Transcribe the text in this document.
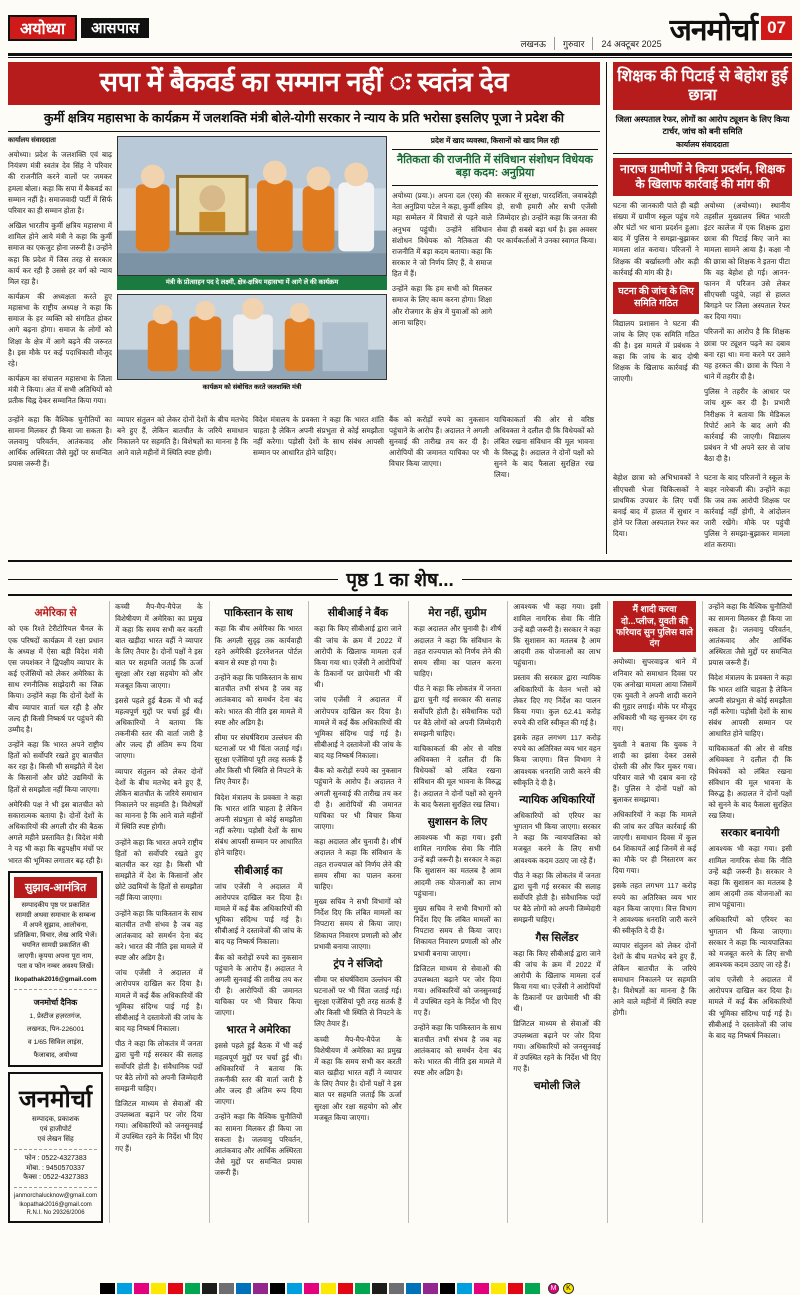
अयोध्या	आसपास
लखनऊ	गुरुवार	24 अक्टूबर 2025 जनमोर्चा 07
सपा में बैकवर्ड का सम्मान नहीं ः स्वतंत्र देव
कुर्मी क्षत्रिय महासभा के कार्यक्रम में जलशक्ति मंत्री बोले-योगी सरकार ने न्याय के प्रति भरोसा इसलिए पूजा ने प्रदेश की
कार्यालय संवाददाता

अयोध्या। प्रदेश के जलशक्ति एवं बाढ़ नियंत्रण मंत्री स्वतंत्र देव सिंह ने परिवार की राजनीति करने वालों पर जमकर हमला बोला। कहा कि सपा में बैकवर्ड का सम्मान नहीं है। समाजवादी पार्टी में सिर्फ परिवार का ही सम्मान होता है।

अखिल भारतीय कुर्मी क्षत्रिय महासभा में शामिल होने आये मंत्री ने कहा कि कुर्मी समाज का एकजुट होना जरूरी है। उन्होंने कहा कि प्रदेश में जिस तरह से सरकार कार्य कर रही है उससे हर वर्ग को न्याय मिल रहा है।

कार्यक्रम की अध्यक्षता करते हुए महासभा के राष्ट्रीय अध्यक्ष ने कहा कि समाज के हर व्यक्ति को संगठित होकर आगे बढ़ना होगा। समाज के लोगों को शिक्षा के क्षेत्र में आगे बढ़ने की जरूरत है। इस मौके पर कई पदाधिकारी मौजूद रहे।

कार्यक्रम का संचालन महासभा के जिला मंत्री ने किया। अंत में सभी अतिथियों को प्रतीक चिह्न देकर सम्मानित किया गया।

मंत्री के प्रोत्साहन पद दे लक्ष्मी, क्षेत्र-क्षत्रिय महासभा में आगे ले की कार्यक्रम
कार्यक्रम को संबोधित करते जलशक्ति मंत्री
प्रदेश में खाद व्यवस्था, किसानों को खाद मिल रही
नैतिकता की राजनीति में संविधान संशोधन विधेयक बड़ा कदम: अनुप्रिया

अयोध्या (प्रया.)। अपना दल (एस) की नेता अनुप्रिया पटेल ने कहा, कुर्मी क्षत्रिय महा सम्मेलन में विचारों से पड़ने वाले अनुभव पहुंची। उन्होंने संविधान संशोधन विधेयक को नैतिकता की राजनीति में बड़ा कदम बताया। कहा कि सरकार ने जो निर्णय लिए हैं, वे समाज हित में हैं।

उन्होंने कहा कि हम सभी को मिलकर समाज के लिए काम करना होगा। शिक्षा और रोजगार के क्षेत्र में युवाओं को आगे आना चाहिए।

सरकार में सुरक्षा, पारदर्शिता, जवाबदेही हो, सभी हमारी और सभी एजेंसी जिम्मेदार हो। उन्होंने कहा कि जनता की सेवा ही सबसे बड़ा धर्म है। इस अवसर पर कार्यकर्ताओं ने उनका स्वागत किया।

उन्होंने कहा कि वैश्विक चुनौतियों का सामना मिलकर ही किया जा सकता है। जलवायु परिवर्तन, आतंकवाद और आर्थिक अस्थिरता जैसे मुद्दों पर समन्वित प्रयास जरूरी हैं।

व्यापार संतुलन को लेकर दोनों देशों के बीच मतभेद बने हुए हैं, लेकिन बातचीत के जरिये समाधान निकालने पर सहमति है। विशेषज्ञों का मानना है कि आने वाले महीनों में स्थिति स्पष्ट होगी।

विदेश मंत्रालय के प्रवक्ता ने कहा कि भारत शांति चाहता है लेकिन अपनी संप्रभुता से कोई समझौता नहीं करेगा। पड़ोसी देशों के साथ संबंध आपसी सम्मान पर आधारित होने चाहिए।

बैंक को करोड़ों रुपये का नुकसान पहुंचाने के आरोप हैं। अदालत ने अगली सुनवाई की तारीख तय कर दी है। आरोपियों की जमानत याचिका पर भी विचार किया जाएगा।

याचिकाकर्ता की ओर से वरिष्ठ अधिवक्ता ने दलील दी कि विधेयकों को लंबित रखना संविधान की मूल भावना के विरुद्ध है। अदालत ने दोनों पक्षों को सुनने के बाद फैसला सुरक्षित रख लिया।

शिक्षक की पिटाई से बेहोश हुई छात्रा
जिला अस्पताल रेफर, लोगों का आरोप ट्यूशन के लिए किया टार्चर, जांच को बनी समिति
कार्यालय संवाददाता
नाराज ग्रामीणों ने किया प्रदर्शन, शिक्षक के खिलाफ कार्रवाई की मांग की

घटना की जानकारी पाते ही बड़ी संख्या में ग्रामीण स्कूल पहुंच गये और घंटों भर थाना प्रदर्शन हुआ। बाद में पुलिस ने समझा-बुझाकर मामला शांत कराया। परिजनों ने शिक्षक की बर्खास्तगी और कड़ी कार्रवाई की मांग की है।

घटना की जांच के लिए समिति गठित

विद्यालय प्रशासन ने घटना की जांच के लिए एक समिति गठित की है। इस मामले में प्रबंधक ने कहा कि जांच के बाद दोषी शिक्षक के खिलाफ कार्रवाई की जाएगी।

अयोध्या (अयोध्या)। स्थानीय तहसील मुख्यालय स्थित भारती इंटर कालेज में एक शिक्षक द्वारा छात्रा की पिटाई किए जाने का मामला सामने आया है। कक्षा नौ की छात्रा को शिक्षक ने इतना पीटा कि वह बेहोश हो गई। आनन-फानन में परिजन उसे लेकर सीएचसी पहुंचे, जहां से हालत बिगड़ने पर जिला अस्पताल रेफर कर दिया गया।

परिजनों का आरोप है कि शिक्षक छात्रा पर ट्यूशन पढ़ने का दबाव बना रहा था। मना करने पर उसने यह हरकत की। छात्रा के पिता ने थाने में तहरीर दी है।

पुलिस ने तहरीर के आधार पर जांच शुरू कर दी है। प्रभारी निरीक्षक ने बताया कि मेडिकल रिपोर्ट आने के बाद आगे की कार्रवाई की जाएगी। विद्यालय प्रबंधन ने भी अपने स्तर से जांच बैठा दी है।

बेहोश छात्रा को अभिभावकों ने सीएचसी भेजा चिकित्सकों ने प्राथमिक उपचार के लिए पर्ची बनाई बाद में हालत में सुधार न होने पर जिला अस्पताल रेफर कर दिया।

घटना के बाद परिजनों ने स्कूल के बाहर नारेबाजी की। उन्होंने कहा कि जब तक आरोपी शिक्षक पर कार्रवाई नहीं होगी, वे आंदोलन जारी रखेंगे। मौके पर पहुंची पुलिस ने समझा-बुझाकर मामला शांत कराया।

पृष्ठ 1 का शेष...
अमेरिका से

को एक रिश्ते टेरीटोरियल चैनल के एक परिषदों कार्यक्रम में रक्षा प्रधान के अध्यक्ष में ऐसा बड़ी विदेश मंत्री एस जयशंकर ने द्विपक्षीय व्यापार के कई एजेंसियों को लेकर अमेरिका के साथ रणनीतिक साझेदारी का जिक्र किया। उन्होंने कहा कि दोनों देशों के बीच व्यापार वार्ता चल रही है और जल्द ही किसी निष्कर्ष पर पहुंचने की उम्मीद है।

उन्होंने कहा कि भारत अपने राष्ट्रीय हितों को सर्वोपरि रखते हुए बातचीत कर रहा है। किसी भी समझौते में देश के किसानों और छोटे उद्यमियों के हितों से समझौता नहीं किया जाएगा।

अमेरिकी पक्ष ने भी इस बातचीत को सकारात्मक बताया है। दोनों देशों के अधिकारियों की अगली दौर की बैठक अगले महीने प्रस्तावित है। विदेश मंत्री ने यह भी कहा कि बहुपक्षीय मंचों पर भारत की भूमिका लगातार बढ़ रही है।

सुझाव-आमंत्रित
सम्पादकीय पृष्ठ पर प्रकाशित सामग्री अथवा समाचार के सम्बन्ध में अपने सुझाव, आलोचना, प्रतिक्रिया, विचार, लेख आदि भेजें। चयनित सामग्री प्रकाशित की जाएगी। कृपया अपना पूरा नाम, पता व फोन नम्बर अवश्य लिखें।
lkopathak2016@gmail.com
जनमोर्चा दैनिक
1, प्रेस्टीज हज़रतगंज,
लखनऊ, पिन-226001
व 1/65 सिविल लाइंस,
फैजाबाद, अयोध्या
जनमोर्चा
सम्पादक, प्रकाशक
एवं हाजीपोर्ट
एवं लेखन सिंह
फोन : 0522-4327383
मोबा. : 9450570337
फैक्स : 0522-4327383
janmorchalucknow@gmail.com
lkopathak2016@gmail.com
R.N.I. No 29326/2006

कच्ची मैप-मैप-मैपेज के विशेषीयण में अमेरिका का प्रमुख में कहा कि समय सभी कर करती बात खड़ीदा भारत वहीं ने व्यापार के लिए तैयार है। दोनों पक्षों ने इस बात पर सहमति जताई कि ऊर्जा सुरक्षा और रक्षा सहयोग को और मजबूत किया जाएगा।

इससे पहले हुई बैठक में भी कई महत्वपूर्ण मुद्दों पर चर्चा हुई थी। अधिकारियों ने बताया कि तकनीकी स्तर की वार्ता जारी है और जल्द ही अंतिम रूप दिया जाएगा।

व्यापार संतुलन को लेकर दोनों देशों के बीच मतभेद बने हुए हैं, लेकिन बातचीत के जरिये समाधान निकालने पर सहमति है। विशेषज्ञों का मानना है कि आने वाले महीनों में स्थिति स्पष्ट होगी।

उन्होंने कहा कि भारत अपने राष्ट्रीय हितों को सर्वोपरि रखते हुए बातचीत कर रहा है। किसी भी समझौते में देश के किसानों और छोटे उद्यमियों के हितों से समझौता नहीं किया जाएगा।

उन्होंने कहा कि पाकिस्तान के साथ बातचीत तभी संभव है जब वह आतंकवाद को समर्थन देना बंद करे। भारत की नीति इस मामले में स्पष्ट और अडिग है।

जांच एजेंसी ने अदालत में आरोपपत्र दाखिल कर दिया है। मामले में कई बैंक अधिकारियों की भूमिका संदिग्ध पाई गई है। सीबीआई ने दस्तावेजों की जांच के बाद यह निष्कर्ष निकाला।

पीठ ने कहा कि लोकतंत्र में जनता द्वारा चुनी गई सरकार की सलाह सर्वोपरि होती है। संवैधानिक पदों पर बैठे लोगों को अपनी जिम्मेदारी समझनी चाहिए।

डिजिटल माध्यम से सेवाओं की उपलब्धता बढ़ाने पर जोर दिया गया। अधिकारियों को जनसुनवाई में उपस्थित रहने के निर्देश भी दिए गए हैं।

पाकिस्तान के साथ

कहा कि बीच अमेरिका कि भारत कि अगली सुदृढ़ तक कार्यवाही रहने अमेरिकी इंटरनेशनल पोर्टल बयान से स्पष्ट हो गया है।

उन्होंने कहा कि पाकिस्तान के साथ बातचीत तभी संभव है जब वह आतंकवाद को समर्थन देना बंद करे। भारत की नीति इस मामले में स्पष्ट और अडिग है।

सीमा पर संघर्षविराम उल्लंघन की घटनाओं पर भी चिंता जताई गई। सुरक्षा एजेंसियां पूरी तरह सतर्क हैं और किसी भी स्थिति से निपटने के लिए तैयार हैं।

विदेश मंत्रालय के प्रवक्ता ने कहा कि भारत शांति चाहता है लेकिन अपनी संप्रभुता से कोई समझौता नहीं करेगा। पड़ोसी देशों के साथ संबंध आपसी सम्मान पर आधारित होने चाहिए।

सीबीआई का

जांच एजेंसी ने अदालत में आरोपपत्र दाखिल कर दिया है। मामले में कई बैंक अधिकारियों की भूमिका संदिग्ध पाई गई है। सीबीआई ने दस्तावेजों की जांच के बाद यह निष्कर्ष निकाला।

बैंक को करोड़ों रुपये का नुकसान पहुंचाने के आरोप हैं। अदालत ने अगली सुनवाई की तारीख तय कर दी है। आरोपियों की जमानत याचिका पर भी विचार किया जाएगा।

भारत ने अमेरिका

इससे पहले हुई बैठक में भी कई महत्वपूर्ण मुद्दों पर चर्चा हुई थी। अधिकारियों ने बताया कि तकनीकी स्तर की वार्ता जारी है और जल्द ही अंतिम रूप दिया जाएगा।

उन्होंने कहा कि वैश्विक चुनौतियों का सामना मिलकर ही किया जा सकता है। जलवायु परिवर्तन, आतंकवाद और आर्थिक अस्थिरता जैसे मुद्दों पर समन्वित प्रयास जरूरी हैं।

सीबीआई ने बैंक

कहा कि किए सीबीआई द्वारा जाने की जांच के क्रम में 2022 में आरोपी के खिलाफ मामला दर्ज किया गया था। एजेंसी ने आरोपियों के ठिकानों पर छापेमारी भी की थी।

जांच एजेंसी ने अदालत में आरोपपत्र दाखिल कर दिया है। मामले में कई बैंक अधिकारियों की भूमिका संदिग्ध पाई गई है। सीबीआई ने दस्तावेजों की जांच के बाद यह निष्कर्ष निकाला।

बैंक को करोड़ों रुपये का नुकसान पहुंचाने के आरोप हैं। अदालत ने अगली सुनवाई की तारीख तय कर दी है। आरोपियों की जमानत याचिका पर भी विचार किया जाएगा।

कहा अदालत और चुनावी है। शीर्ष अदालत ने कहा कि संविधान के तहत राज्यपाल को निर्णय लेने की समय सीमा का पालन करना चाहिए।

मुख्य सचिव ने सभी विभागों को निर्देश दिए कि लंबित मामलों का निपटारा समय से किया जाए। शिकायत निवारण प्रणाली को और प्रभावी बनाया जाएगा।

ट्रंप ने संजिदो

सीमा पर संघर्षविराम उल्लंघन की घटनाओं पर भी चिंता जताई गई। सुरक्षा एजेंसियां पूरी तरह सतर्क हैं और किसी भी स्थिति से निपटने के लिए तैयार हैं।

कच्ची मैप-मैप-मैपेज के विशेषीयण में अमेरिका का प्रमुख में कहा कि समय सभी कर करती बात खड़ीदा भारत वहीं ने व्यापार के लिए तैयार है। दोनों पक्षों ने इस बात पर सहमति जताई कि ऊर्जा सुरक्षा और रक्षा सहयोग को और मजबूत किया जाएगा।

मेरा नहीं, सुप्रीम

कहा अदालत और चुनावी है। शीर्ष अदालत ने कहा कि संविधान के तहत राज्यपाल को निर्णय लेने की समय सीमा का पालन करना चाहिए।

पीठ ने कहा कि लोकतंत्र में जनता द्वारा चुनी गई सरकार की सलाह सर्वोपरि होती है। संवैधानिक पदों पर बैठे लोगों को अपनी जिम्मेदारी समझनी चाहिए।

याचिकाकर्ता की ओर से वरिष्ठ अधिवक्ता ने दलील दी कि विधेयकों को लंबित रखना संविधान की मूल भावना के विरुद्ध है। अदालत ने दोनों पक्षों को सुनने के बाद फैसला सुरक्षित रख लिया।

सुशासन के लिए

आवश्यक भी कहा गया। इसी शामिल नागरिक सेवा कि नीति उन्हें बड़ी जरूरी है। सरकार ने कहा कि सुशासन का मतलब है आम आदमी तक योजनाओं का लाभ पहुंचाना।

मुख्य सचिव ने सभी विभागों को निर्देश दिए कि लंबित मामलों का निपटारा समय से किया जाए। शिकायत निवारण प्रणाली को और प्रभावी बनाया जाएगा।

डिजिटल माध्यम से सेवाओं की उपलब्धता बढ़ाने पर जोर दिया गया। अधिकारियों को जनसुनवाई में उपस्थित रहने के निर्देश भी दिए गए हैं।

उन्होंने कहा कि पाकिस्तान के साथ बातचीत तभी संभव है जब वह आतंकवाद को समर्थन देना बंद करे। भारत की नीति इस मामले में स्पष्ट और अडिग है।

आवश्यक भी कहा गया। इसी शामिल नागरिक सेवा कि नीति उन्हें बड़ी जरूरी है। सरकार ने कहा कि सुशासन का मतलब है आम आदमी तक योजनाओं का लाभ पहुंचाना।

प्रस्ताव की सरकार द्वारा न्यायिक अधिकारियों के वेतन भत्तों को लेकर दिए गए निर्देश का पालन किया गया। कुल 62.41 करोड़ रुपये की राशि स्वीकृत की गई है।

इसके तहत लगभग 117 करोड़ रुपये का अतिरिक्त व्यय भार वहन किया जाएगा। वित्त विभाग ने आवश्यक धनराशि जारी करने की स्वीकृति दे दी है।

न्यायिक अधिकारियों

अधिकारियों को एरियर का भुगतान भी किया जाएगा। सरकार ने कहा कि न्यायपालिका को मजबूत करने के लिए सभी आवश्यक कदम उठाए जा रहे हैं।

पीठ ने कहा कि लोकतंत्र में जनता द्वारा चुनी गई सरकार की सलाह सर्वोपरि होती है। संवैधानिक पदों पर बैठे लोगों को अपनी जिम्मेदारी समझनी चाहिए।

गैस सिलेंडर

कहा कि किए सीबीआई द्वारा जाने की जांच के क्रम में 2022 में आरोपी के खिलाफ मामला दर्ज किया गया था। एजेंसी ने आरोपियों के ठिकानों पर छापेमारी भी की थी।

डिजिटल माध्यम से सेवाओं की उपलब्धता बढ़ाने पर जोर दिया गया। अधिकारियों को जनसुनवाई में उपस्थित रहने के निर्देश भी दिए गए हैं।

चमोली जिले
मैं शादी करवा दो...प्लीज, युवती की फरियाद सुन पुलिस वाले दंग

अयोध्या। सुपरवाइज थाने में शनिवार को समाधान दिवस पर एक अनोखा मामला आया जिसमें एक युवती ने अपनी शादी कराने की गुहार लगाई। मौके पर मौजूद अधिकारी भी यह सुनकर दंग रह गए।

युवती ने बताया कि युवक ने शादी का झांसा देकर उससे दोस्ती की और फिर मुकर गया। परिवार वाले भी दबाव बना रहे हैं। पुलिस ने दोनों पक्षों को बुलाकर समझाया।

अधिकारियों ने कहा कि मामले की जांच कर उचित कार्रवाई की जाएगी। समाधान दिवस में कुल 64 शिकायतें आईं जिनमें से कई का मौके पर ही निस्तारण कर दिया गया।

इसके तहत लगभग 117 करोड़ रुपये का अतिरिक्त व्यय भार वहन किया जाएगा। वित्त विभाग ने आवश्यक धनराशि जारी करने की स्वीकृति दे दी है।

व्यापार संतुलन को लेकर दोनों देशों के बीच मतभेद बने हुए हैं, लेकिन बातचीत के जरिये समाधान निकालने पर सहमति है। विशेषज्ञों का मानना है कि आने वाले महीनों में स्थिति स्पष्ट होगी।

उन्होंने कहा कि वैश्विक चुनौतियों का सामना मिलकर ही किया जा सकता है। जलवायु परिवर्तन, आतंकवाद और आर्थिक अस्थिरता जैसे मुद्दों पर समन्वित प्रयास जरूरी हैं।

विदेश मंत्रालय के प्रवक्ता ने कहा कि भारत शांति चाहता है लेकिन अपनी संप्रभुता से कोई समझौता नहीं करेगा। पड़ोसी देशों के साथ संबंध आपसी सम्मान पर आधारित होने चाहिए।

याचिकाकर्ता की ओर से वरिष्ठ अधिवक्ता ने दलील दी कि विधेयकों को लंबित रखना संविधान की मूल भावना के विरुद्ध है। अदालत ने दोनों पक्षों को सुनने के बाद फैसला सुरक्षित रख लिया।

सरकार बनायेगी

आवश्यक भी कहा गया। इसी शामिल नागरिक सेवा कि नीति उन्हें बड़ी जरूरी है। सरकार ने कहा कि सुशासन का मतलब है आम आदमी तक योजनाओं का लाभ पहुंचाना।

अधिकारियों को एरियर का भुगतान भी किया जाएगा। सरकार ने कहा कि न्यायपालिका को मजबूत करने के लिए सभी आवश्यक कदम उठाए जा रहे हैं।

जांच एजेंसी ने अदालत में आरोपपत्र दाखिल कर दिया है। मामले में कई बैंक अधिकारियों की भूमिका संदिग्ध पाई गई है। सीबीआई ने दस्तावेजों की जांच के बाद यह निष्कर्ष निकाला।

M	K
